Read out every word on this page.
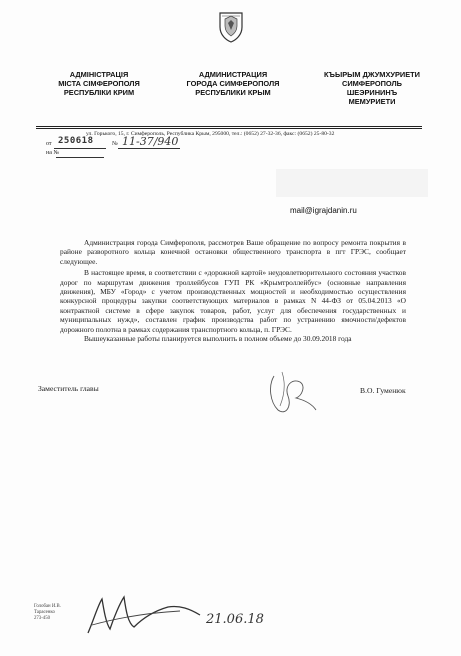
АДМІНІСТРАЦІЯ
МІСТА СІМФЕРОПОЛЯ
РЕСПУБЛІКИ КРИМ
АДМИНИСТРАЦИЯ
ГОРОДА СИМФЕРОПОЛЯ
РЕСПУБЛИКИ КРЫМ
КЪЫРЫМ ДЖУМХУРИЕТИ
СИМФЕРОПОЛЬ
ШЕЭРИНИНЪ
МЕМУРИЕТИ
ул. Горького, 15, г. Симферополь, Республика Крым, 295000, тел.: (0652) 27-32-36, факс: (0652) 25-80-32
от 250618	№ 11-37/940
на №
mail@igrajdanin.ru

Администрация города Симферополя, рассмотрев Ваше обращение по вопросу ремонта покрытия в районе разворотного кольца конечной остановки общественного транспорта в пгт ГРЭС, сообщает следующее.

В настоящее время, в соответствии с «дорожной картой» неудовлетворительного состояния участков дорог по маршрутам движения троллейбусов ГУП РК «Крымтроллейбус» (основные направления движения), МБУ «Город» с учетом производственных мощностей и необходимостью осуществления конкурсной процедуры закупки соответствующих материалов в рамках N 44-ФЗ от 05.04.2013 «О контрактной системе в сфере закупок товаров, работ, услуг для обеспечения государственных и муниципальных нужд», составлен график производства работ по устранению ямочности/дефектов дорожного полотна в рамках содержания транспортного кольца, п. ГРЭС.

Вышеуказанные работы планируется выполнить в полном объеме до 30.09.2018 года

Заместитель главы	В.О. Гуменюк
Голобан И.В.
Тарасенко
273-450	21.06.18
